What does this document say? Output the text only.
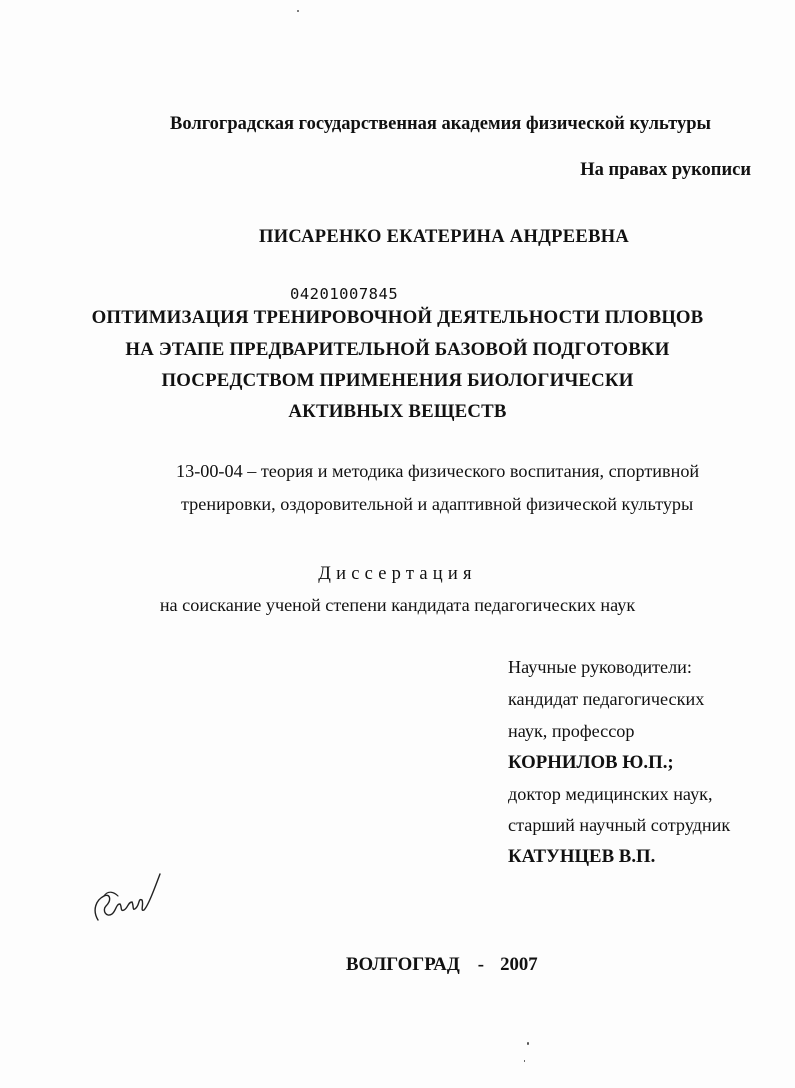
Волгоградская государственная академия физической культуры
На правах рукописи
ПИСАРЕНКО ЕКАТЕРИНА АНДРЕЕВНА
04201007845
ОПТИМИЗАЦИЯ ТРЕНИРОВОЧНОЙ ДЕЯТЕЛЬНОСТИ ПЛОВЦОВ
НА ЭТАПЕ ПРЕДВАРИТЕЛЬНОЙ БАЗОВОЙ ПОДГОТОВКИ
ПОСРЕДСТВОМ ПРИМЕНЕНИЯ БИОЛОГИЧЕСКИ
АКТИВНЫХ ВЕЩЕСТВ
13-00-04 – теория и методика физического воспитания, спортивной
тренировки, оздоровительной и адаптивной физической культуры
Диссертация
на соискание ученой степени кандидата педагогических наук
Научные руководители:
кандидат педагогических
наук, профессор
КОРНИЛОВ Ю.П.;
доктор медицинских наук,
старший научный сотрудник
КАТУНЦЕВ В.П.
ВОЛГОГРАД - 2007
